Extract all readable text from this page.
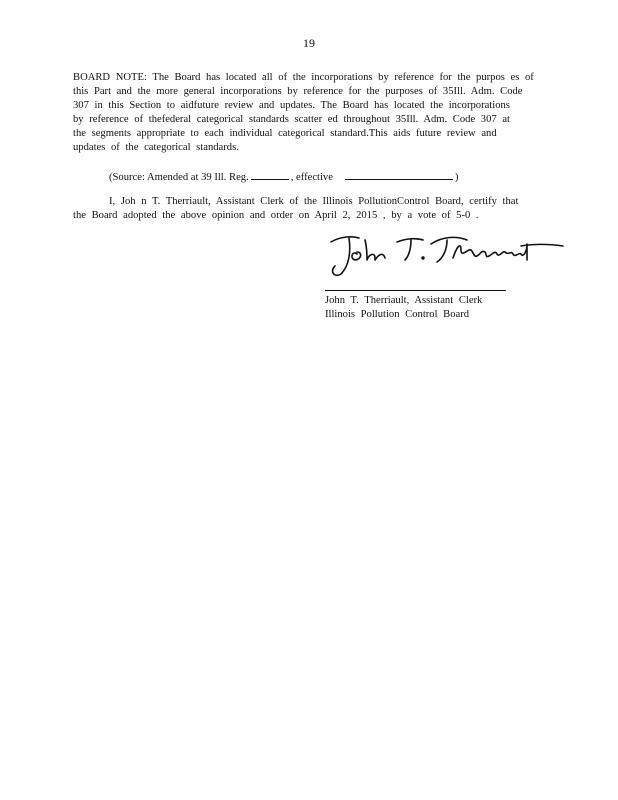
19
BOARD NOTE: The Board has located all of the incorporations by reference for the purpos es of
this Part and the more general incorporations by reference for the purposes of 35Ill. Adm. Code
307 in this Section to aidfuture review and updates. The Board has located the incorporations
by reference of thefederal categorical standards scatter ed throughout 35Ill. Adm. Code 307 at
the segments appropriate to each individual categorical standard.This aids future review and
updates of the categorical standards.
(Source: Amended at 39 Ill. Reg.	, effective	)
I, Joh n T. Therriault, Assistant Clerk of the Illinois PollutionControl Board, certify that
the Board adopted the above opinion and order on April 2, 2015 , by a vote of 5-0 .
John T. Therriault, Assistant Clerk
Illinois Pollution Control Board
